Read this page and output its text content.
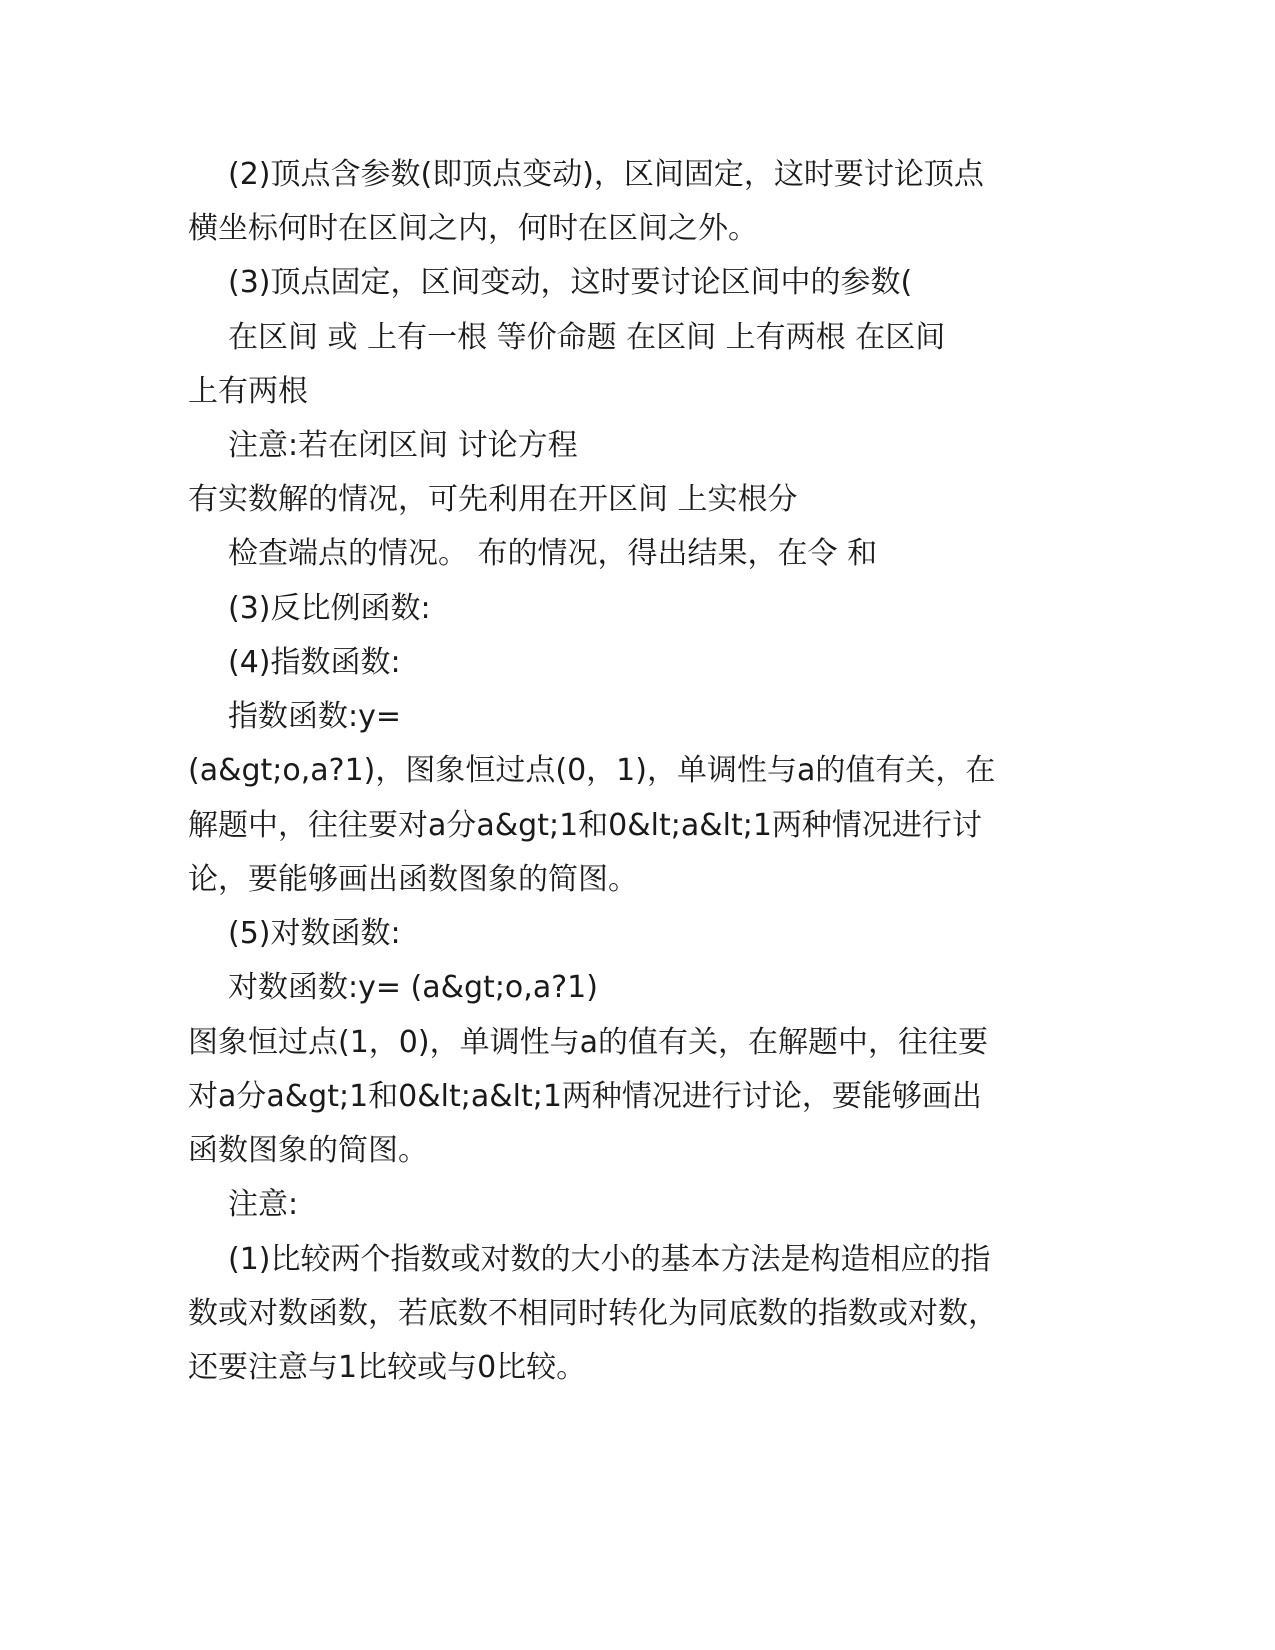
(2)顶点含参数(即顶点变动)，区间固定，这时要讨论顶点
横坐标何时在区间之内，何时在区间之外。
(3)顶点固定，区间变动，这时要讨论区间中的参数(
在区间 或 上有一根 等价命题 在区间 上有两根 在区间
上有两根
注意:若在闭区间 讨论方程
有实数解的情况，可先利用在开区间 上实根分
检查端点的情况。 布的情况，得出结果，在令 和
(3)反比例函数:
(4)指数函数:
指数函数:y=
(a&gt;o,a?1)，图象恒过点(0，1)，单调性与a的值有关，在
解题中，往往要对a分a&gt;1和0&lt;a&lt;1两种情况进行讨
论，要能够画出函数图象的简图。
(5)对数函数:
对数函数:y= (a&gt;o,a?1)
图象恒过点(1，0)，单调性与a的值有关，在解题中，往往要
对a分a&gt;1和0&lt;a&lt;1两种情况进行讨论，要能够画出
函数图象的简图。
注意:
(1)比较两个指数或对数的大小的基本方法是构造相应的指
数或对数函数，若底数不相同时转化为同底数的指数或对数，
还要注意与1比较或与0比较。
